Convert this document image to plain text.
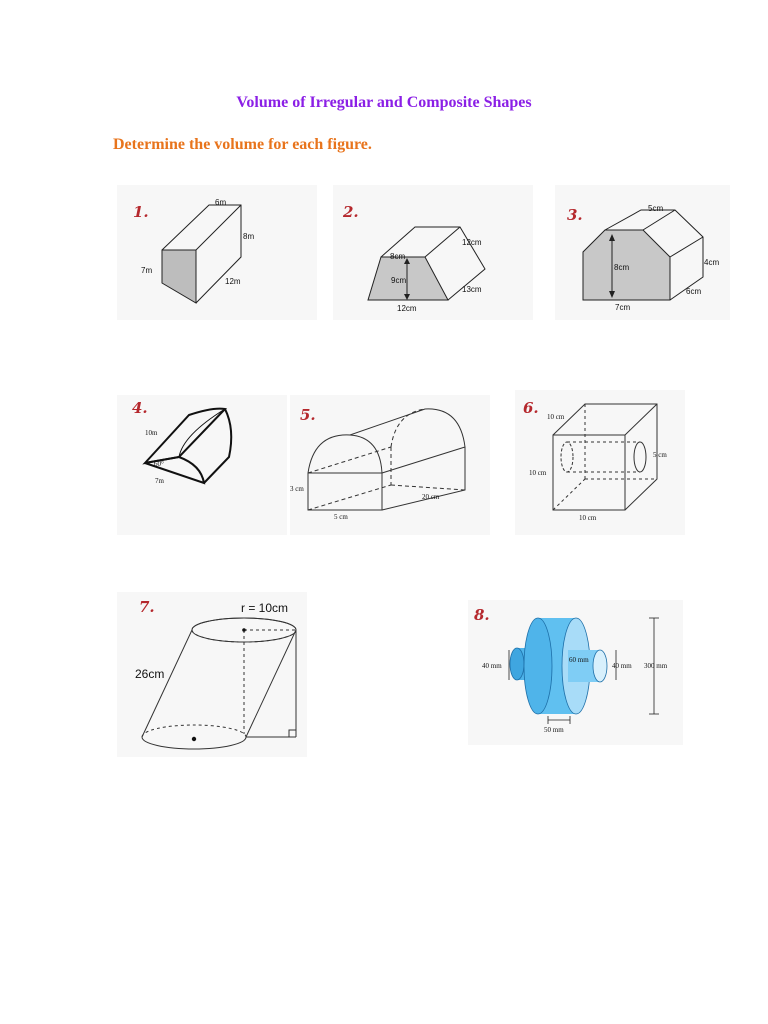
Volume of Irregular and Composite Shapes
Determine the volume for each figure.
1.
6m
8m
7m
12m
2.
12cm
8cm
9cm
13cm
12cm
3.	5cm
8cm
4cm
6cm
7cm
4.
10m
60°
7m
5.
3 cm
20 cm
5 cm
6. 10 cm
10 cm
5 cm
10 cm
7.	r = 10cm
26cm
8.
60 mm
40 mm	40 mm 300 mm
50 mm
